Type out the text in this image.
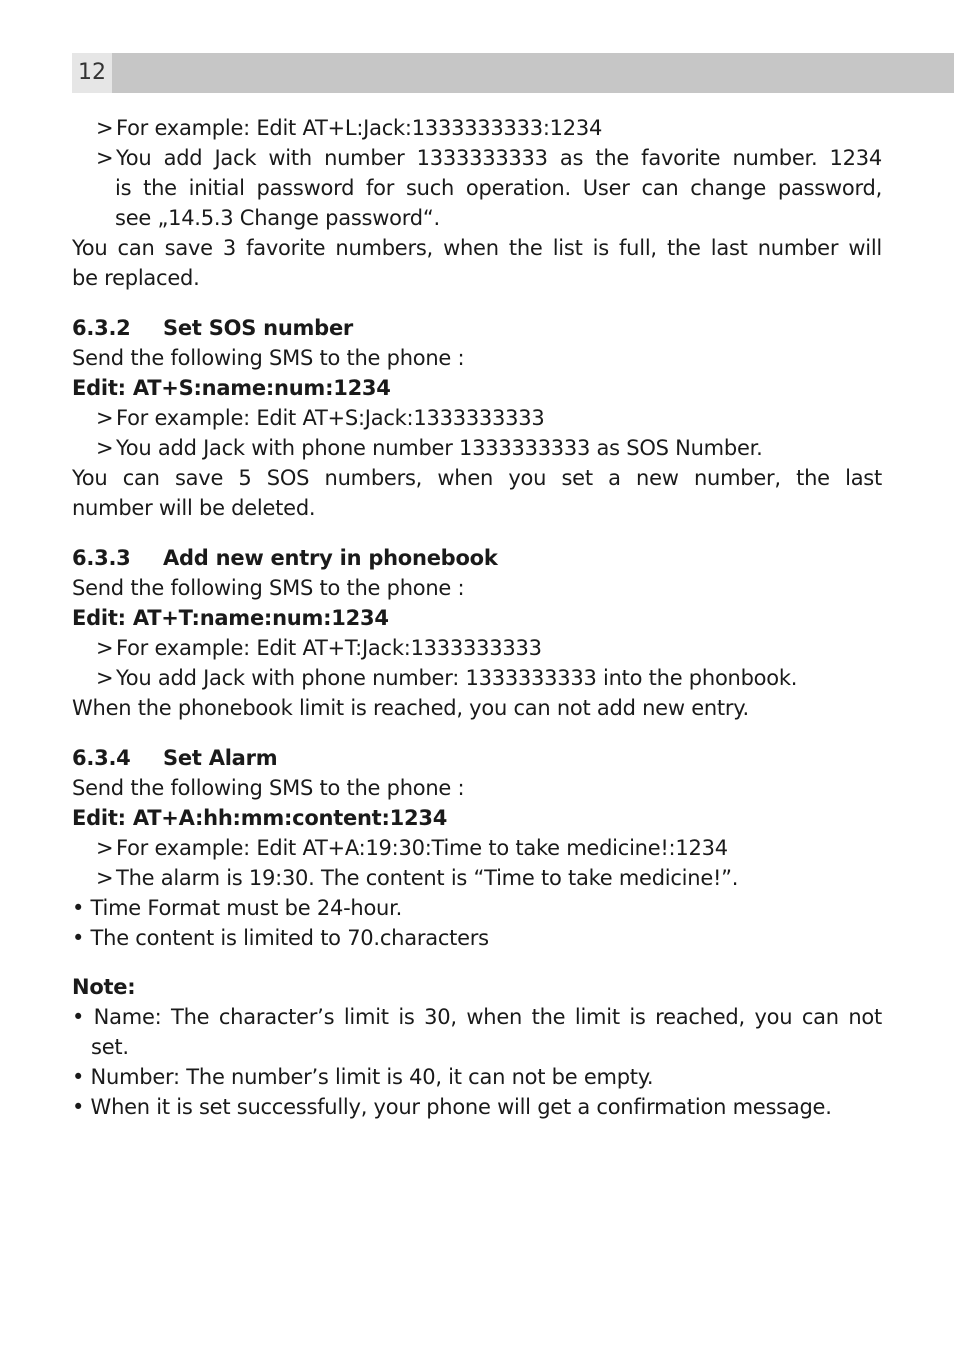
12
> For example: Edit AT+L:Jack:1333333333:1234
> You add Jack with number 1333333333 as the favorite number. 1234
is the initial password for such operation. User can change password,
see „14.5.3 Change password“.
You can save 3 favorite numbers, when the list is full, the last number will
be replaced.
6.3.2 Set SOS number
Send the following SMS to the phone :
Edit: AT+S:name:num:1234
> For example: Edit AT+S:Jack:1333333333
> You add Jack with phone number 1333333333 as SOS Number.
You can save 5 SOS numbers, when you set a new number, the last
number will be deleted.
6.3.3 Add new entry in phonebook
Send the following SMS to the phone :
Edit: AT+T:name:num:1234
> For example: Edit AT+T:Jack:1333333333
> You add Jack with phone number: 1333333333 into the phonbook.
When the phonebook limit is reached, you can not add new entry.
6.3.4 Set Alarm
Send the following SMS to the phone :
Edit: AT+A:hh:mm:content:1234
> For example: Edit AT+A:19:30:Time to take medicine!:1234
> The alarm is 19:30. The content is “Time to take medicine!”.
• Time Format must be 24-hour.
• The content is limited to 70.characters
Note:
• Name: The character’s limit is 30, when the limit is reached, you can not
set.
• Number: The number’s limit is 40, it can not be empty.
• When it is set successfully, your phone will get a confirmation message.
